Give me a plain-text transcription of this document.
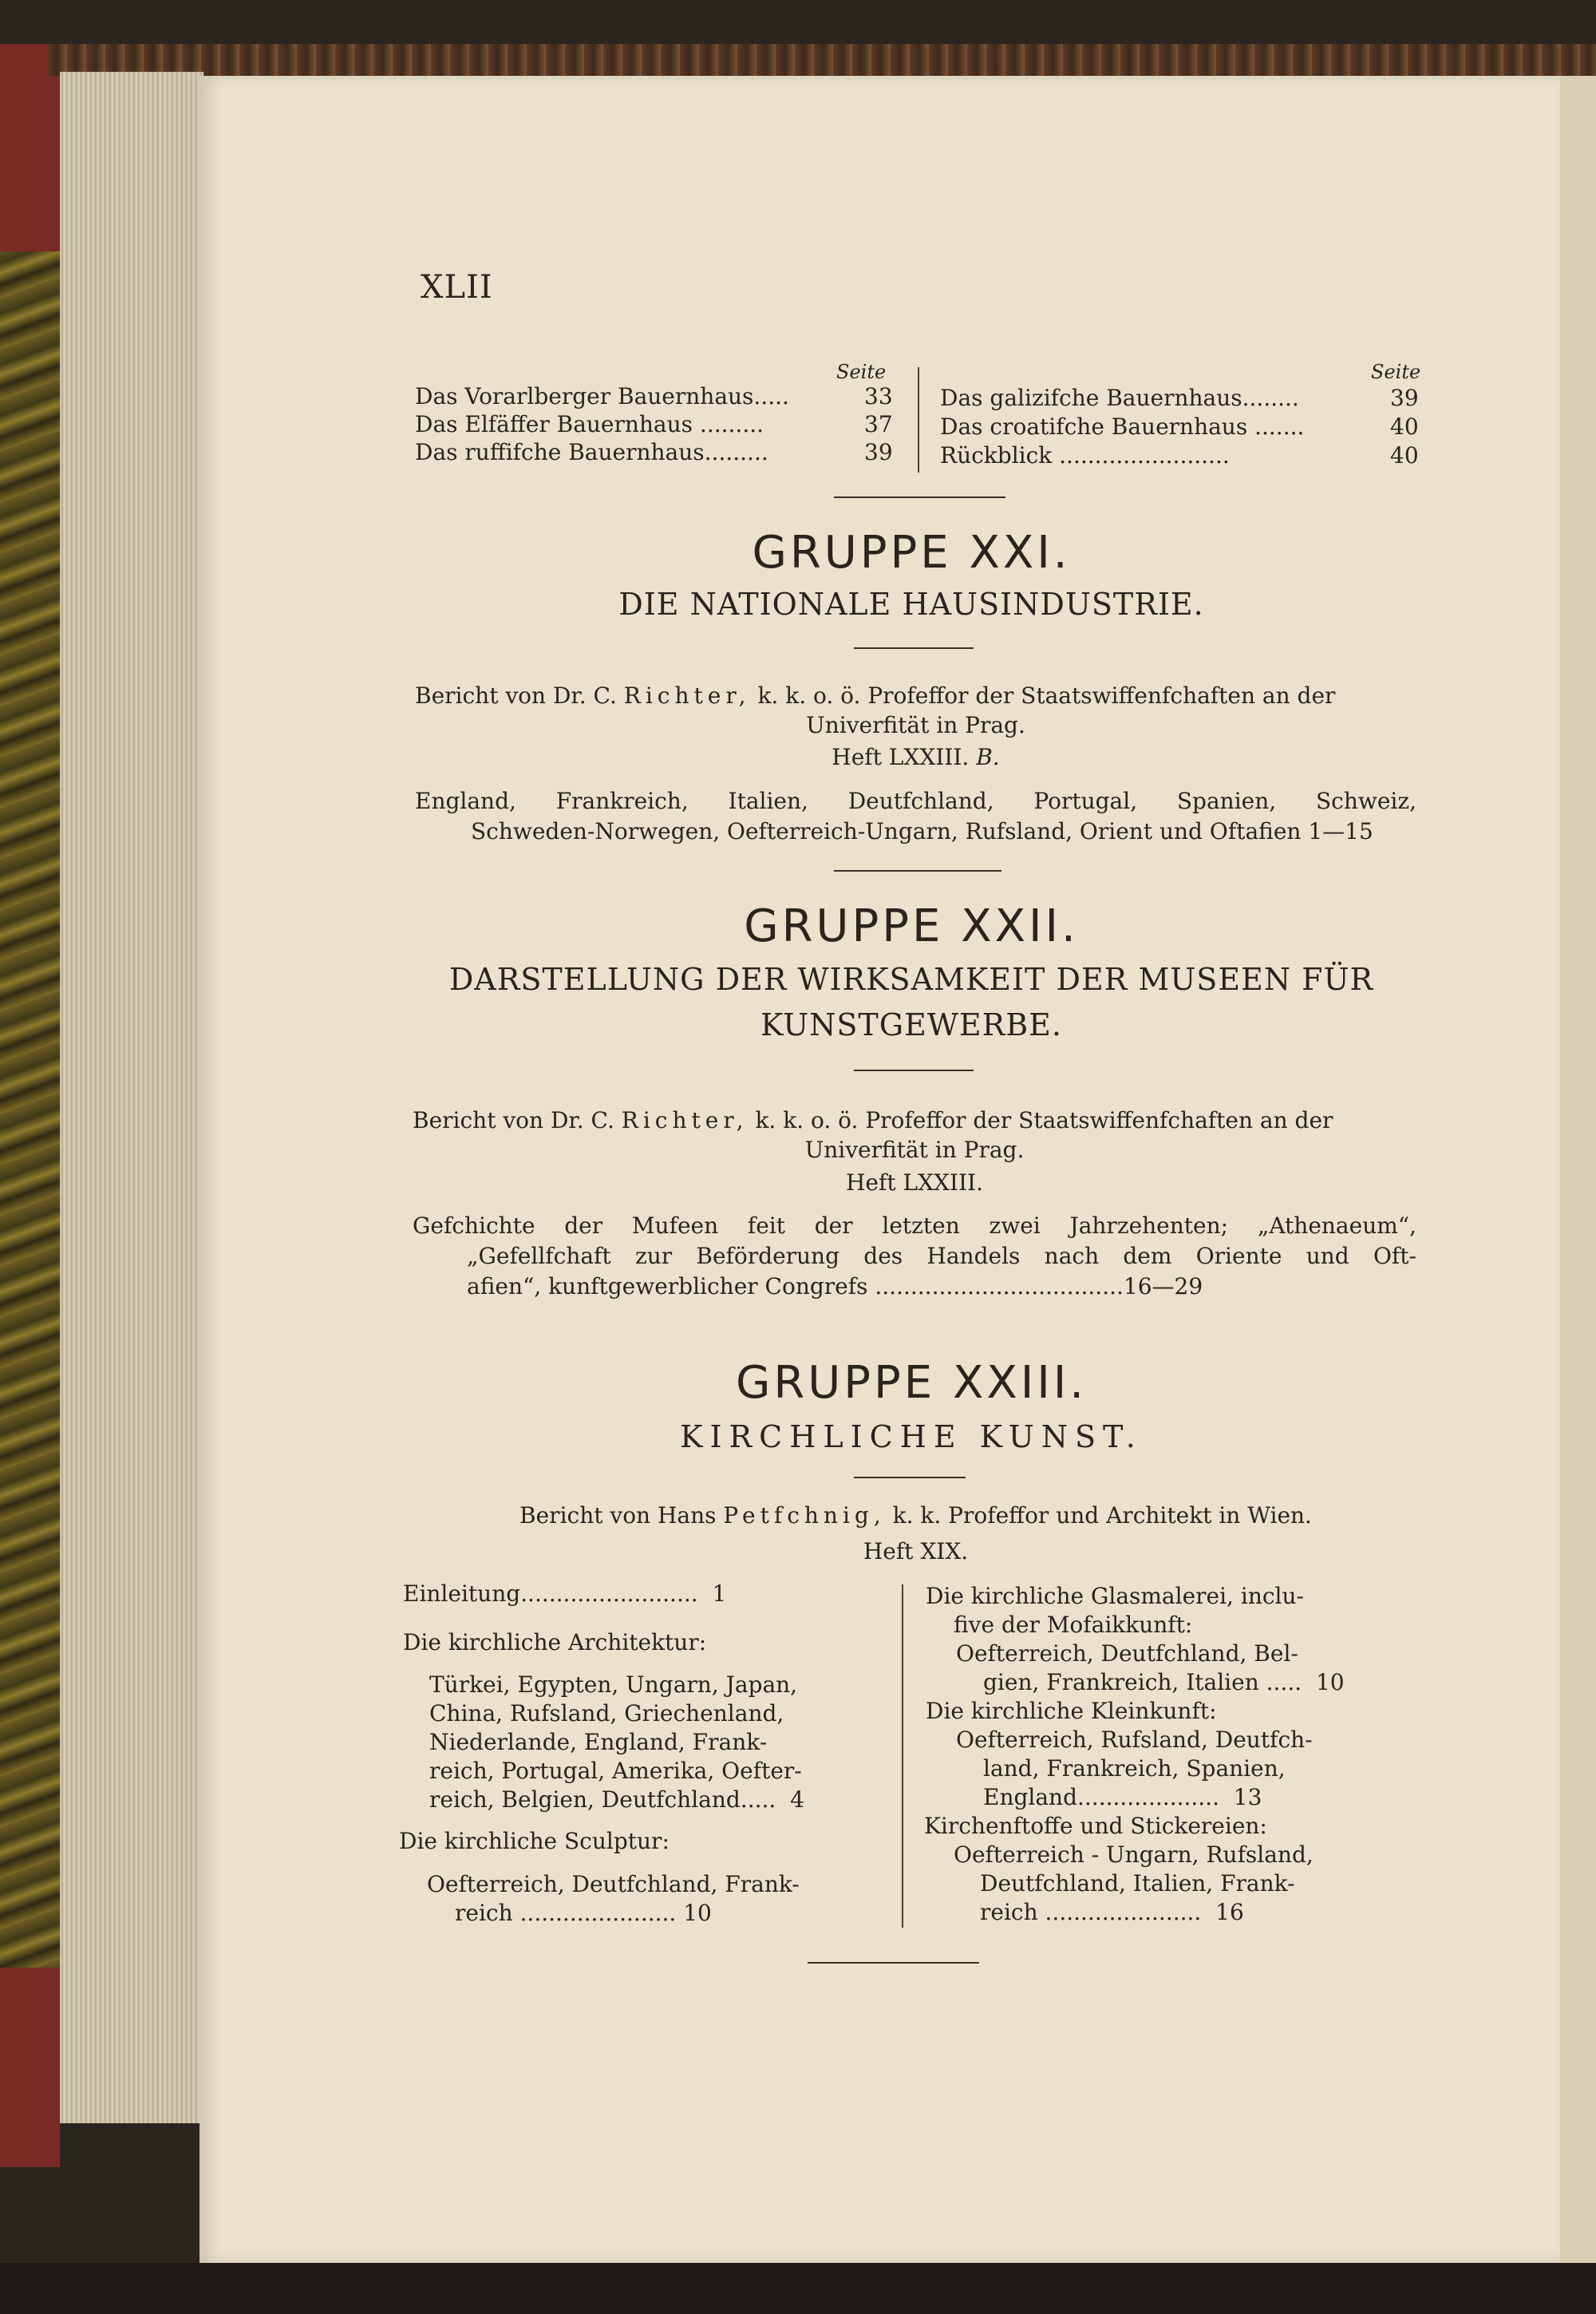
XLII
Seite	Seite
Das Vorarlberger Bauernhaus.....	33
Das Elfäffer Bauernhaus .........	37
Das ruffifche Bauernhaus.........	39
Das galizifche Bauernhaus........	39
Das croatifche Bauernhaus .......	40
Rückblick ........................	40
GRUPPE XXI.
DIE NATIONALE HAUSINDUSTRIE.
Bericht von Dr. C. Richter, k. k. o. ö. Profeffor der Staatswiffenfchaften an der
Univerfität in Prag.
Heft LXXIII. B.
England, Frankreich, Italien, Deutfchland, Portugal, Spanien, Schweiz,
Schweden-Norwegen, Oefterreich-Ungarn, Rufsland, Orient und Oftafien 1—15
GRUPPE XXII.
DARSTELLUNG DER WIRKSAMKEIT DER MUSEEN FÜR
KUNSTGEWERBE.
Bericht von Dr. C. Richter, k. k. o. ö. Profeffor der Staatswiffenfchaften an der
Univerfität in Prag.
Heft LXXIII.
Gefchichte der Mufeen feit der letzten zwei Jahrzehenten; „Athenaeum“,
„Gefellfchaft zur Beförderung des Handels nach dem Oriente und Oft-
afien“, kunftgewerblicher Congrefs ...................................16—29
GRUPPE XXIII.
KIRCHLICHE KUNST.
Bericht von Hans Petfchnig, k. k. Profeffor und Architekt in Wien.
Heft XIX.
Einleitung.........................  1
Die kirchliche Architektur:
Türkei, Egypten, Ungarn, Japan,
China, Rufsland, Griechenland,
Niederlande, England, Frank-
reich, Portugal, Amerika, Oefter-
reich, Belgien, Deutfchland.....  4
Die kirchliche Sculptur:
Oefterreich, Deutfchland, Frank-
reich ...................... 10
Die kirchliche Glasmalerei, inclu-
five der Mofaikkunft:
Oefterreich, Deutfchland, Bel-
gien, Frankreich, Italien .....  10
Die kirchliche Kleinkunft:
Oefterreich, Rufsland, Deutfch-
land, Frankreich, Spanien,
England....................  13
Kirchenftoffe und Stickereien:
Oefterreich - Ungarn, Rufsland,
Deutfchland, Italien, Frank-
reich ......................  16
